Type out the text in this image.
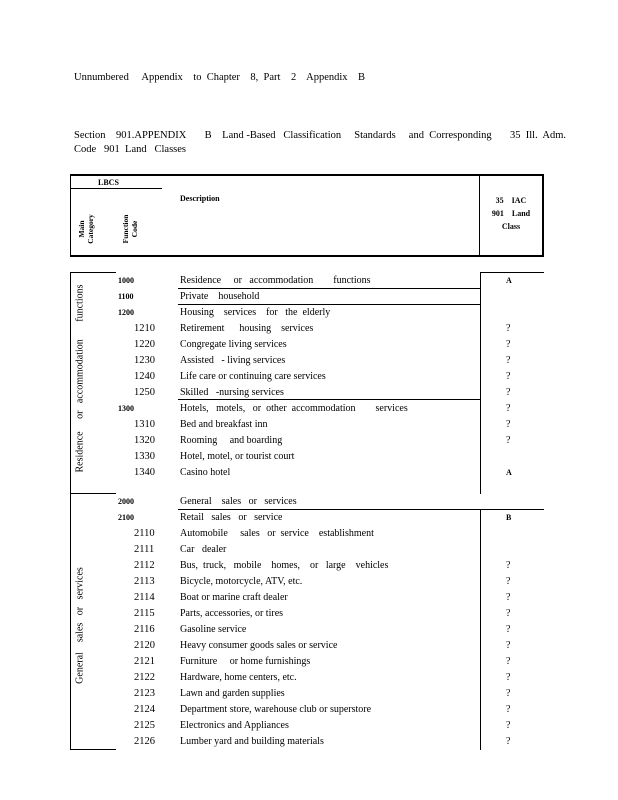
Unnumbered     Appendix    to  Chapter    8,  Part    2    Appendix    B
Section    901.APPENDIX       B    Land -Based   Classification     Standards     and  Corresponding       35  Ill.  Adm.
Code   901  Land   Classes
LBCS
Description	35    IAC
901    Land
Class
Main
Category	Function
Code
Residence     or   accommodation       functions
General    sales   or   services
1000	Residence     or   accommodation        functions	A
1100	Private    household
1200	Housing    services    for   the  elderly
1210	Retirement      housing    services	?
1220	Congregate living services	?
1230	Assisted   - living services	?
1240	Life care or continuing care services	?
1250	Skilled   -nursing services	?
1300	Hotels,   motels,   or  other  accommodation        services	?
1310	Bed and breakfast inn	?
1320	Rooming     and boarding	?
1330	Hotel, motel, or tourist court
1340	Casino hotel	A
2000	General    sales   or   services
2100	Retail   sales   or   service	B
2110	Automobile     sales   or  service    establishment
2111	Car   dealer
2112	Bus,  truck,   mobile    homes,    or   large    vehicles	?
2113	Bicycle, motorcycle, ATV, etc.	?
2114	Boat or marine craft dealer	?
2115	Parts, accessories, or tires	?
2116	Gasoline service	?
2120	Heavy consumer goods sales or service	?
2121	Furniture     or home furnishings	?
2122	Hardware, home centers, etc.	?
2123	Lawn and garden supplies	?
2124	Department store, warehouse club or superstore	?
2125	Electronics and Appliances	?
2126	Lumber yard and building materials	?
